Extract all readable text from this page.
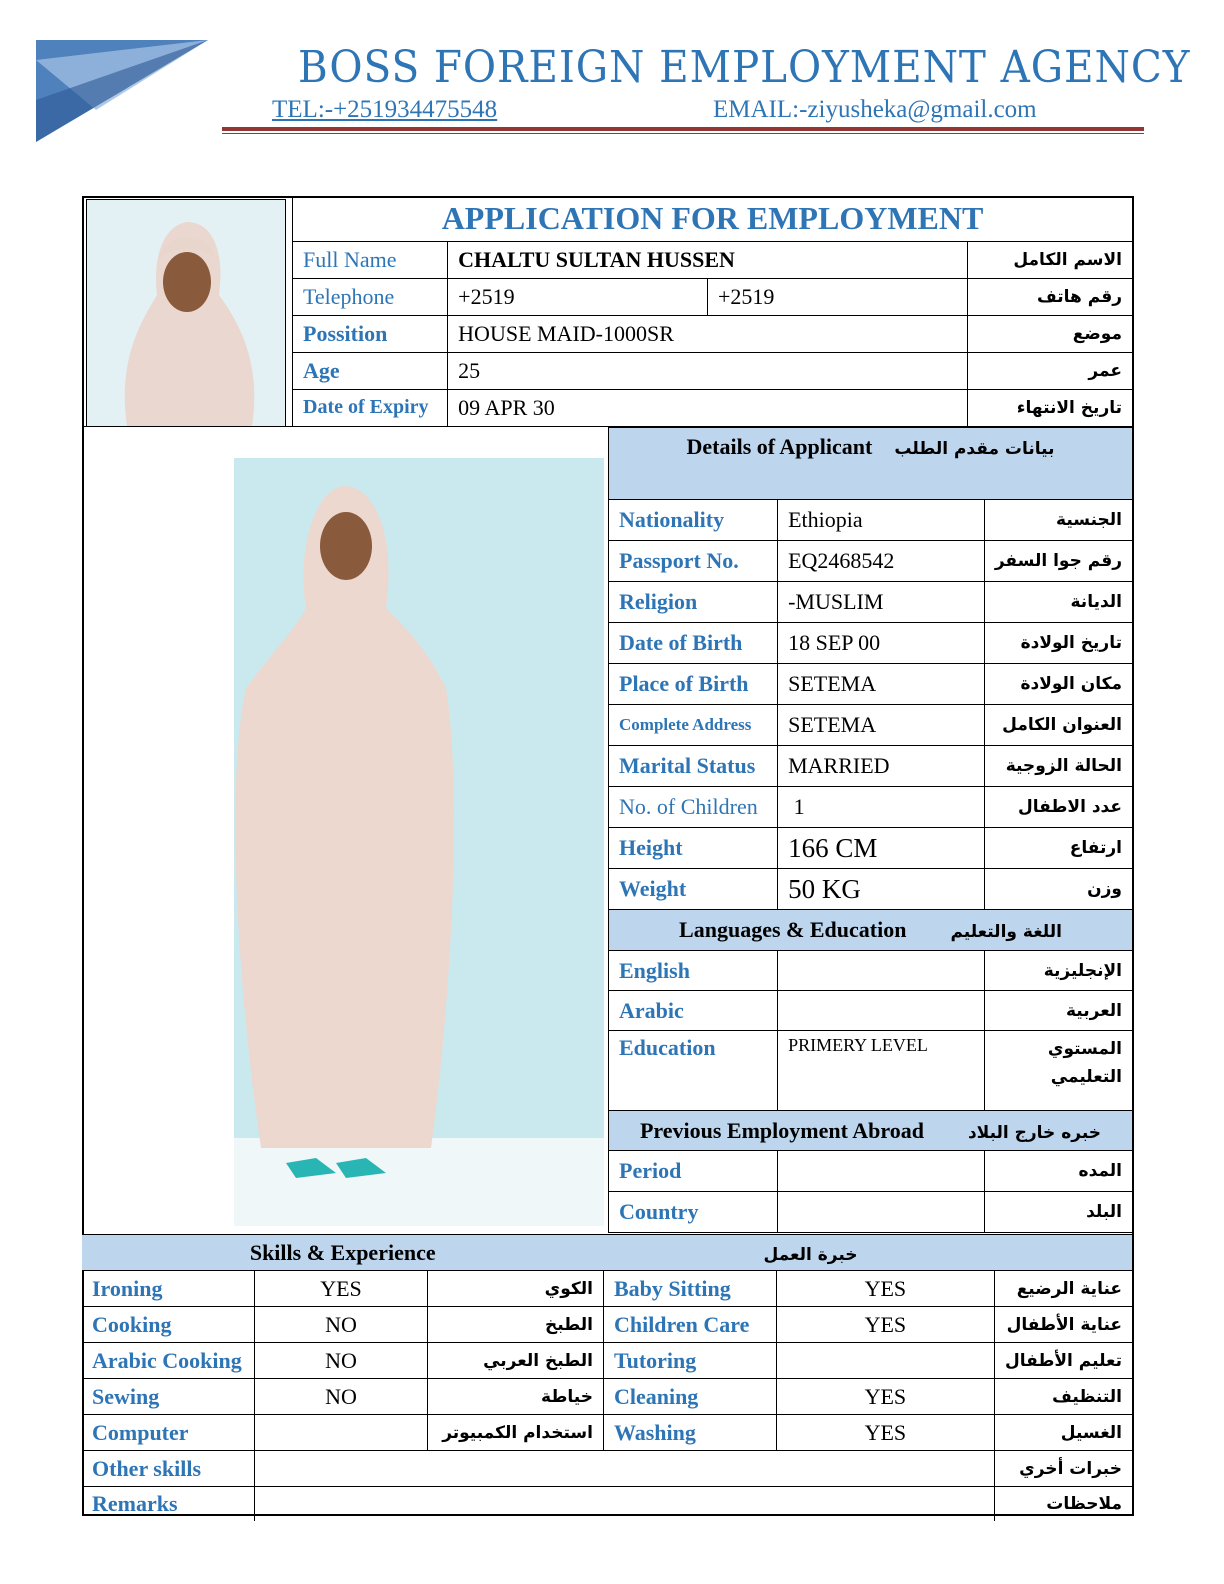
BOSS FOREIGN EMPLOYMENT AGENCY
TEL:-+251934475548	EMAIL:-ziyusheka@gmail.com
APPLICATION FOR EMPLOYMENT			
Full Name	CHALTU SULTAN HUSSEN		الاسم الكامل
Telephone	+2519	+2519	رقم هاتف
Possition	HOUSE MAID-1000SR		موضع
Age	25		عمر
Date of Expiry	09 APR 30		تاريخ الانتهاء
Details of Applicant بيانات مقدم الطلب		
Nationality	Ethiopia	الجنسية
Passport No.	EQ2468542	رقم جوا السفر
Religion	-MUSLIM	الديانة
Date of Birth	18 SEP 00	تاريخ الولادة
Place of Birth	SETEMA	مكان الولادة
Complete Address	SETEMA	العنوان الكامل
Marital Status	MARRIED	الحالة الزوجية
No. of Children	1	عدد الاطفال
Height	166 CM	ارتفاع
Weight	50 KG	وزن
Languages & Education اللغة والتعليم		
English		الإنجليزية
Arabic		العربية
Education	PRIMERY LEVEL	المستوي التعليمي
Previous Employment Abroad خبره خارج البلاد		
Period		المده
Country		البلد
Skills & Experience			خبرة العمل		
Ironing	YES	الكوي	Baby Sitting	YES	عناية الرضيع
Cooking	NO	الطبخ	Children Care	YES	عناية الأطفال
Arabic Cooking	NO	الطبخ العربي	Tutoring		تعليم الأطفال
Sewing	NO	خياطة	Cleaning	YES	التنظيف
Computer		استخدام الكمبيوتر	Washing	YES	الغسيل
Other skills					خبرات أخري
Remarks					ملاحظات
